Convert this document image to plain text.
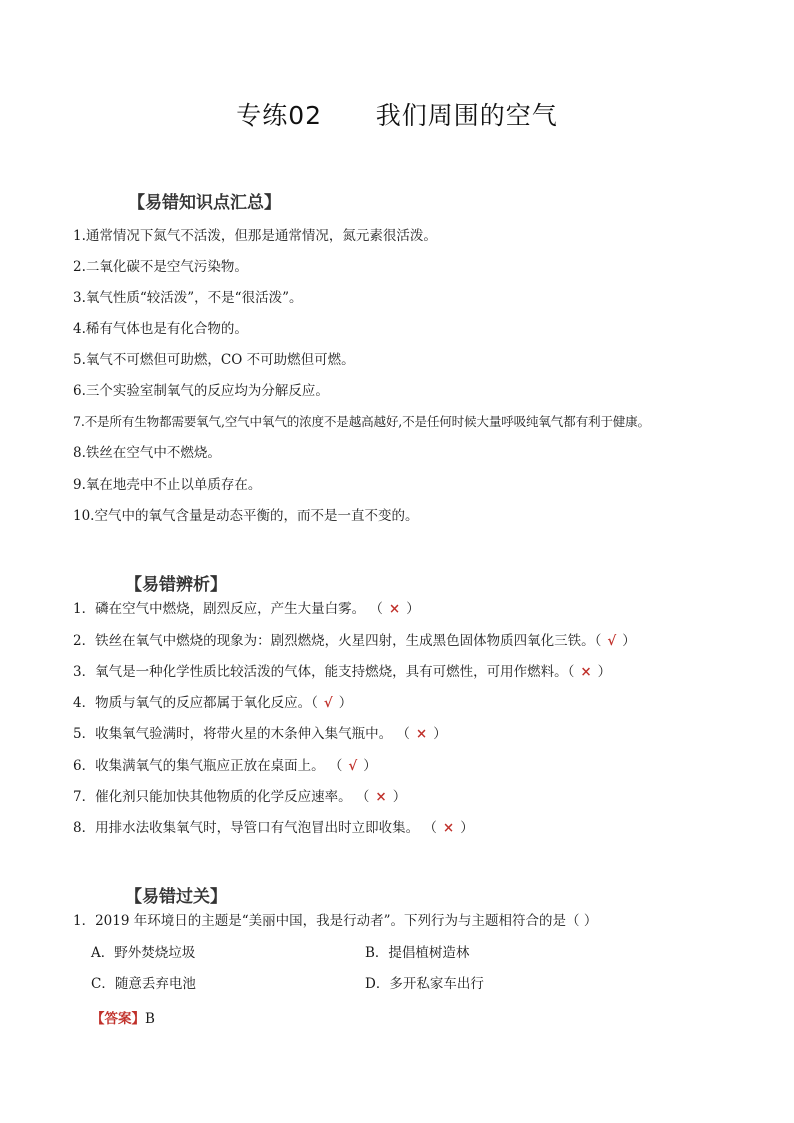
专练02      我们周围的空气
【易错知识点汇总】
1.通常情况下氮气不活泼，但那是通常情况，氮元素很活泼。
2.二氧化碳不是空气污染物。
3.氧气性质“较活泼”，不是“很活泼”。
4.稀有气体也是有化合物的。
5.氧气不可燃但可助燃，CO 不可助燃但可燃。
6.三个实验室制氧气的反应均为分解反应。
7.不是所有生物都需要氧气,空气中氧气的浓度不是越高越好,不是任何时候大量呼吸纯氧气都有利于健康。
8.铁丝在空气中不燃烧。
9.氧在地壳中不止以单质存在。
10.空气中的氧气含量是动态平衡的，而不是一直不变的。
【易错辨析】
1．磷在空气中燃烧，剧烈反应，产生大量白雾。 （ × ）
2．铁丝在氧气中燃烧的现象为：剧烈燃烧，火星四射，生成黑色固体物质四氧化三铁。（ √ ）
3．氧气是一种化学性质比较活泼的气体，能支持燃烧，具有可燃性，可用作燃料。（ × ）
4．物质与氧气的反应都属于氧化反应。（ √ ）
5．收集氧气验满时，将带火星的木条伸入集气瓶中。 （ × ）
6．收集满氧气的集气瓶应正放在桌面上。 （ √ ）
7．催化剂只能加快其他物质的化学反应速率。 （ × ）
8．用排水法收集氧气时，导管口有气泡冒出时立即收集。 （ × ）
【易错过关】
1．2019 年环境日的主题是“美丽中国，我是行动者”。下列行为与主题相符合的是（ ）
A．野外焚烧垃圾	B．提倡植树造林
C．随意丢弃电池	D．多开私家车出行
【答案】B
